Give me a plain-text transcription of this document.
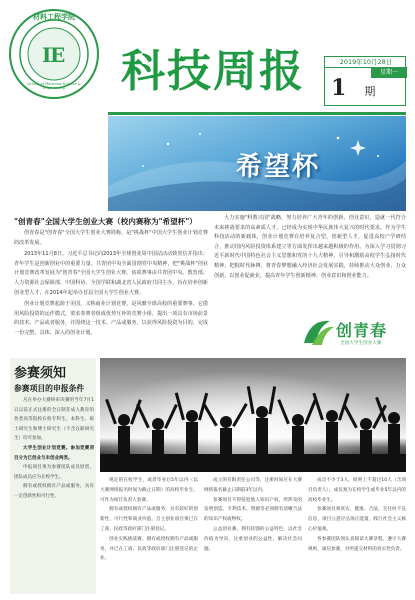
I
E
材料工程学院
School of Materials Science & Engineering	科技周报	2019年10月28日
星期一
1 期
希望杯
"创青春"全国大学生创业大赛（校内赛称为"希望杯"）

创青春是"创青春"全国大学生创业大赛简称，是"挑战杯"中国大学生创业计划竞赛的改革发展。

2013年11月8日，习近平总书记向2013年全球创业周中国站活动致贺信并指出：青年学生是创新创业中的重要力量。共青团中央全面贯彻党中央精神，把"挑战杯"创业计划竞赛改革发展为"创青春"全国大学生创业大赛，该项赛事由共青团中央、教育部、人力资源社会保障部、中国科协、全国学联和湖北省人民政府共同主办，旨在培养创新创业型人才，在2014年起举办首届全国大学生创业大赛。

创业计划竞赛起源于美国，又称商业计划竞赛，是风靡全球高校的重要赛事。它借用风险投资的运作模式，要求参赛者组成优势互补的竞赛小组，提出一项具有市场前景的技术、产品或者服务，并围绕这一技术、产品或服务，以获得风险投资为目的，完成一份完整、具体、深入的创业计划。

大力实施"科教兴国"战略，努力培养广大青年的创新、创业意识，造就一代符合未来挑战要求的高素质人才，已经成为实现中华民族伟大复兴的时代要求。作为学生科技活动的新载体，创业计划竞赛在培养复合型、创新型人才，促进高校产学研结合，推动国内风险投资体系建立等方面发挥出越来越积极的作用。为深入学习贯彻习近平新时代中国特色社会主义思想和党的十九大精神，引导和激励高校学生弘扬时代精神，把握时代脉搏，将青春梦想融入经济社会发展实践，持续推动大众创业、万众创新，以创业促就业，提高青年学生创新精神、创业意识和创业能力。

创青春
全国大学生创业大赛
参赛须知
参赛项目的申报条件

凡在举办大赛终审决赛的当年7月1日以前正式注册的全日制非成人教育的各类高等院校在校专科生、本科生、硕士研究生和博士研究生（不含在职研究生）均可参加。

大学生创业计划竞赛。参加竞赛项目分为已创业与未创业两类。

申报项目须为参赛团队成员原创，团队成员应为在校学生。

拥有或授权拥有产品或服务，具有一定创新性和可行性。

规定的在校学生，或者毕业后5年以内（以大赛网络报名时间为截止日期）的高校毕业生，可作为项目负责人参赛。

拥有或授权拥有产品或服务，具有较好的创新性、可行性和商业价值，自主创业项目须已在工商、民政等政府部门注册登记。

创业实践挑战赛。拥有或授权拥有产品或服务，并已在工商、民政等政府部门注册登记的企业。

成立的有限责任公司等，注册时间应在大赛网络报名截止日期前3年以内。

参赛项目不得侵犯他人知识产权，所涉及的发明创造、专利技术、资源等必须拥有清晰合法的知识产权或物权。

公益创业赛。拥有较强的公益特色，以社会价值为导向，注重创业的公益性，解决社会问题。

成员不少于3人，原则上不超过10人（含项目负责人）。成员须为在校学生或毕业5年以内的高校毕业生。

参赛项目须真实、健康、合法，无任何不良信息，项目立意应弘扬正能量，践行社会主义核心价值观。

各参赛团队须认真阅读大赛章程，遵守大赛规则，诚信参赛，对所提交材料的真实性负责。
